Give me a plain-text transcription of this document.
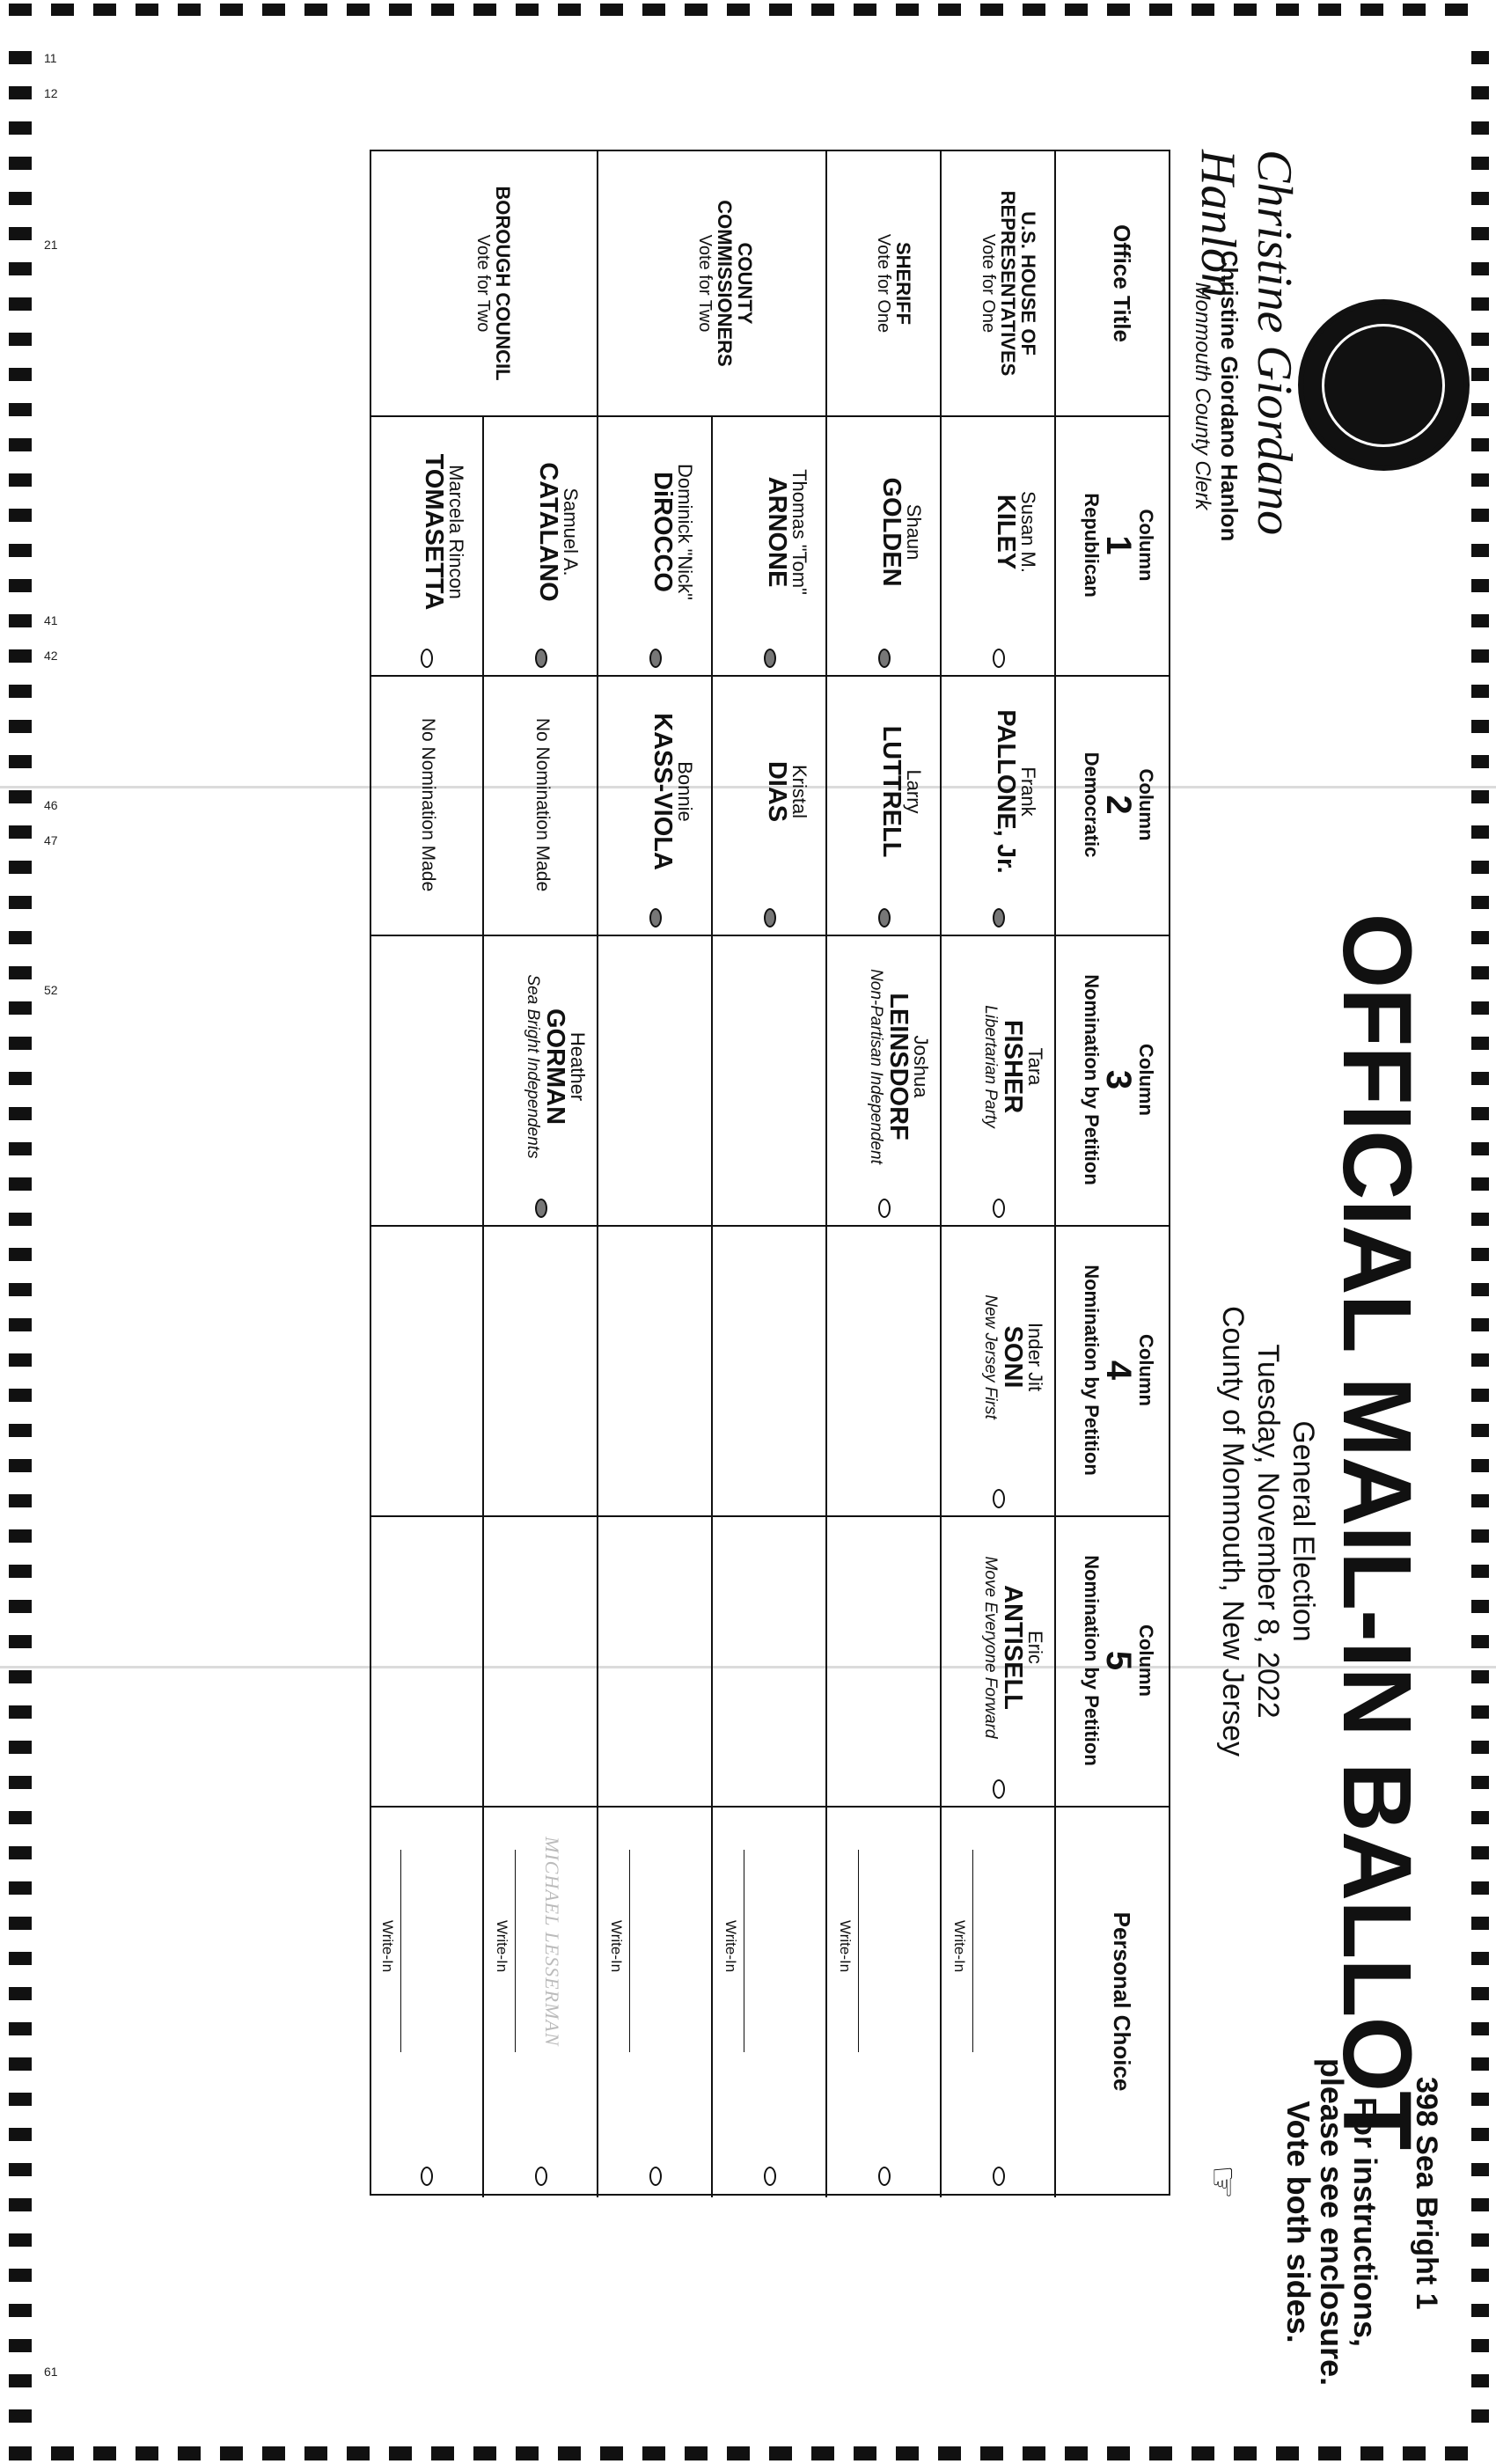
11
12
21
41
42
46
47
52
61
OFFICIAL MAIL-IN BALLOT
General Election
Tuesday, November 8, 2022
County of Monmouth, New Jersey
398 Sea Bright 1
For instructions,
please see enclosure.
Vote both sides.
☞
Christine Giordano Hanlon
Christine Giordano Hanlon
Monmouth County Clerk
Office Title
Column
1
Republican
Column
2
Democratic
Column
3
Nomination by Petition
Column
4
Nomination by Petition
Column
5
Nomination by Petition
Personal Choice
U.S. HOUSE OF REPRESENTATIVES
Vote for One
SHERIFF
Vote for One
COUNTY COMMISSIONERS
Vote for Two
BOROUGH COUNCIL
Vote for Two
Susan M.
KILEY
Frank
PALLONE, Jr.
Tara
FISHER
Libertarian Party
Inder Jit
SONI
New Jersey First
Eric
ANTISELL
Move Everyone Forward
Write-In
Shaun
GOLDEN
Larry
LUTTRELL
Joshua
LEINSDORF
Non-Partisan Independent
Write-In
Thomas "Tom"
ARNONE
Kristal
DIAS
Write-In
Dominick "Nick"
DiROCCO
Bonnie
KASS-VIOLA
Write-In
Samuel A.
CATALANO
No Nomination Made
Heather
GORMAN
Sea Bright Independents
MICHAEL LESSERMAN
Write-In
Marcela Rincon
TOMASETTA
No Nomination Made
Write-In
